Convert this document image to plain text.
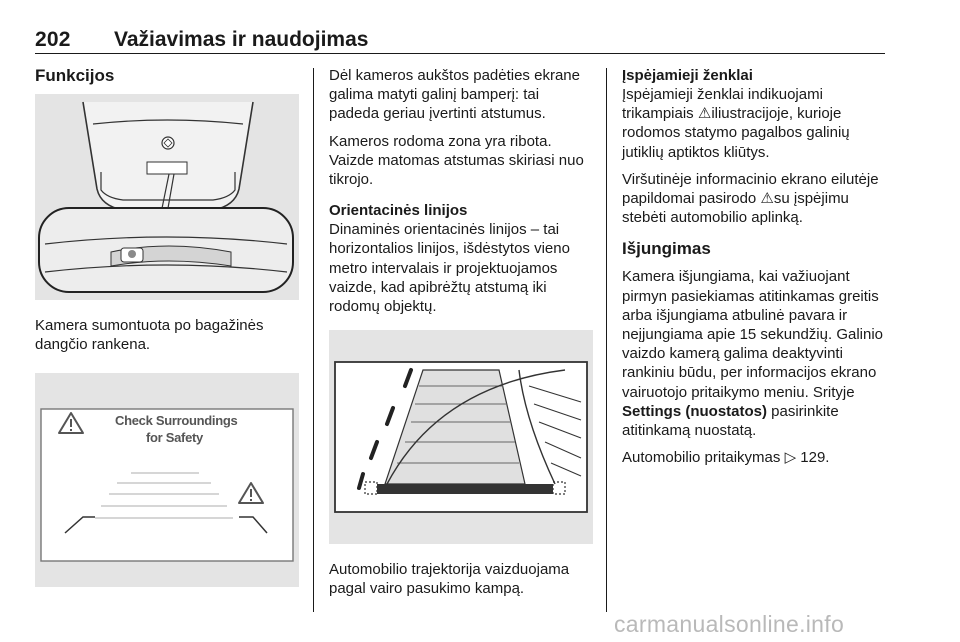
202 Važiavimas ir naudojimas
Funkcijos

Kamera sumontuota po bagažinės dangčio rankena.

Check Surroundings
for Safety

Dėl kameros aukštos padėties ekrane galima matyti galinį bamperį: tai padeda geriau įvertinti atstumus.

Kameros rodoma zona yra ribota. Vaizde matomas atstumas skiriasi nuo tikrojo.

Orientacinės linijos

Dinaminės orientacinės linijos – tai horizontalios linijos, išdėstytos vieno metro intervalais ir projektuojamos vaizde, kad apibrėžtų atstumą iki rodomų objektų.

Automobilio trajektorija vaizduojama pagal vairo pasukimo kampą.

Įspėjamieji ženklai

Įspėjamieji ženklai indikuojami trikampiais ⚠iliustracijoje, kurioje rodomos statymo pagalbos galinių jutiklių aptiktos kliūtys.

Viršutinėje informacinio ekrano eilutėje papildomai pasirodo ⚠su įspėjimu stebėti automobilio aplinką.

Išjungimas

Kamera išjungiama, kai važiuojant pirmyn pasiekiamas atitinkamas greitis arba išjungiama atbulinė pavara ir neįjungiama apie 15 sekundžių. Galinio vaizdo kamerą galima deaktyvinti rankiniu būdu, per informacijos ekrano vairuotojo pritaikymo meniu. Srityje Settings (nuostatos) pasirinkite atitinkamą nuostatą.

Automobilio pritaikymas ▷ 129.

carmanualsonline.info
